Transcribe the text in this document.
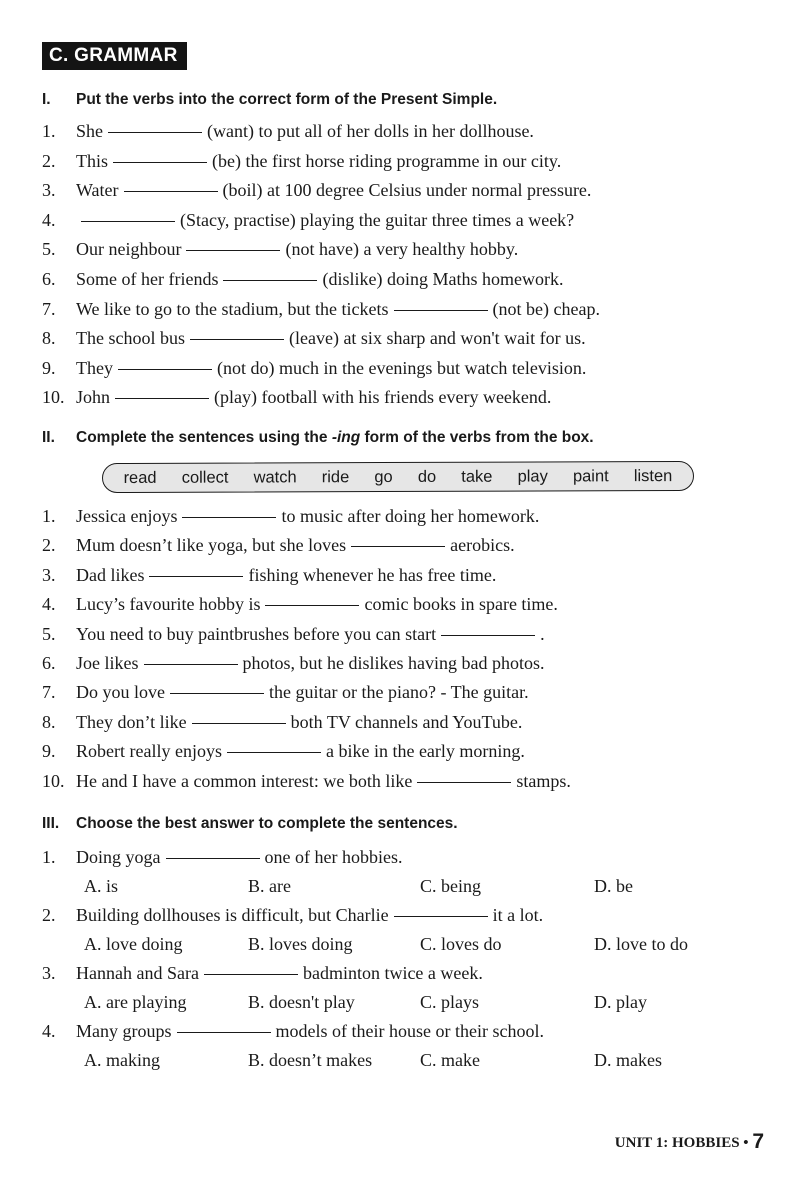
C. GRAMMAR
I. Put the verbs into the correct form of the Present Simple.
1. She	(want) to put all of her dolls in her dollhouse.
2. This	(be) the first horse riding programme in our city.
3. Water	(boil) at 100 degree Celsius under normal pressure.
4.	(Stacy, practise) playing the guitar three times a week?
5. Our neighbour	(not have) a very healthy hobby.
6. Some of her friends	(dislike) doing Maths homework.
7. We like to go to the stadium, but the tickets	(not be) cheap.
8. The school bus	(leave) at six sharp and won't wait for us.
9. They	(not do) much in the evenings but watch television.
10. John	(play) football with his friends every weekend.
II. Complete the sentences using the -ing form of the verbs from the box.
read collect watch ride go do take play paint listen
1. Jessica enjoys	to music after doing her homework.
2. Mum doesn’t like yoga, but she loves	aerobics.
3. Dad likes	fishing whenever he has free time.
4. Lucy’s favourite hobby is	comic books in spare time.
5. You need to buy paintbrushes before you can start	.
6. Joe likes	photos, but he dislikes having bad photos.
7. Do you love	the guitar or the piano? - The guitar.
8. They don’t like	both TV channels and YouTube.
9. Robert really enjoys	a bike in the early morning.
10. He and I have a common interest: we both like	stamps.
III. Choose the best answer to complete the sentences.
1. Doing yoga	one of her hobbies.
A. is	B. are	C. being	D. be
2. Building dollhouses is difficult, but Charlie	it a lot.
A. love doing	B. loves doing	C. loves do	D. love to do
3. Hannah and Sara	badminton twice a week.
A. are playing	B. doesn't play	C. plays	D. play
4. Many groups	models of their house or their school.
A. making	B. doesn’t makes	C. make	D. makes
UNIT 1: HOBBIES • 7
